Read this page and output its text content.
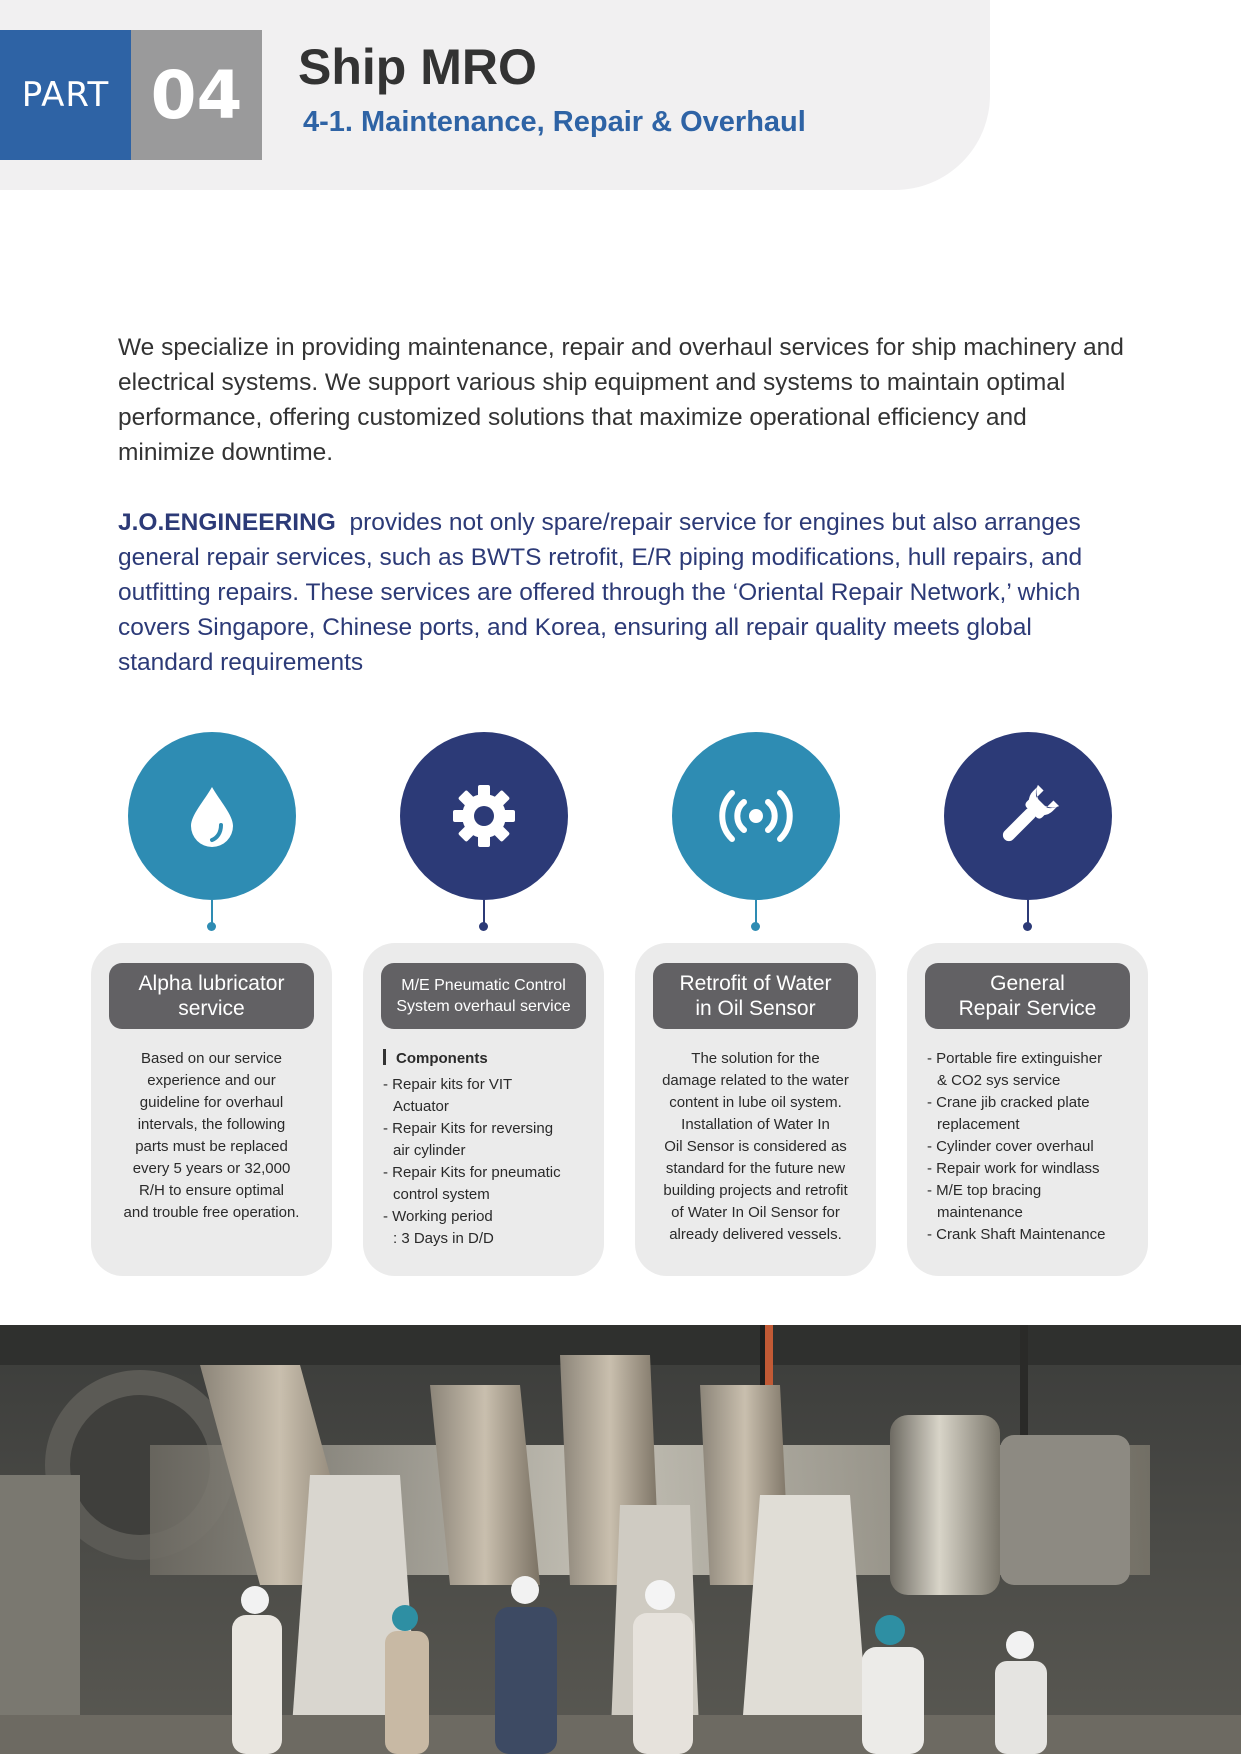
PART 04	Ship MRO
4-1. Maintenance, Repair & Overhaul

We specialize in providing maintenance, repair and overhaul services for ship machinery and electrical systems. We support various ship equipment and systems to maintain optimal performance, offering customized solutions that maximize operational efficiency and minimize downtime.

J.O.ENGINEERING provides not only spare/repair service for engines but also arranges general repair services, such as BWTS retrofit, E/R piping modifications, hull repairs, and outfitting repairs. These services are offered through the ‘Oriental Repair Network,’ which covers Singapore, Chinese ports, and Korea, ensuring all repair quality meets global standard requirements

Alpha lubricator
service
Based on our service
experience and our
guideline for overhaul
intervals, the following
parts must be replaced
every 5 years or 32,000
R/H to ensure optimal
and trouble free operation.
M/E Pneumatic Control
System overhaul service
Components
- Repair kits for VIT
Actuator
- Repair Kits for reversing
air cylinder
- Repair Kits for pneumatic
control system
- Working period
: 3 Days in D/D
Retrofit of Water
in Oil Sensor
The solution for the
damage related to the water
content in lube oil system.
Installation of Water In
Oil Sensor is considered as
standard for the future new
building projects and retrofit
of Water In Oil Sensor for
already delivered vessels.
General
Repair Service
- Portable fire extinguisher
& CO2 sys service
- Crane jib cracked plate
replacement
- Cylinder cover overhaul
- Repair work for windlass
- M/E top bracing
maintenance
- Crank Shaft Maintenance
